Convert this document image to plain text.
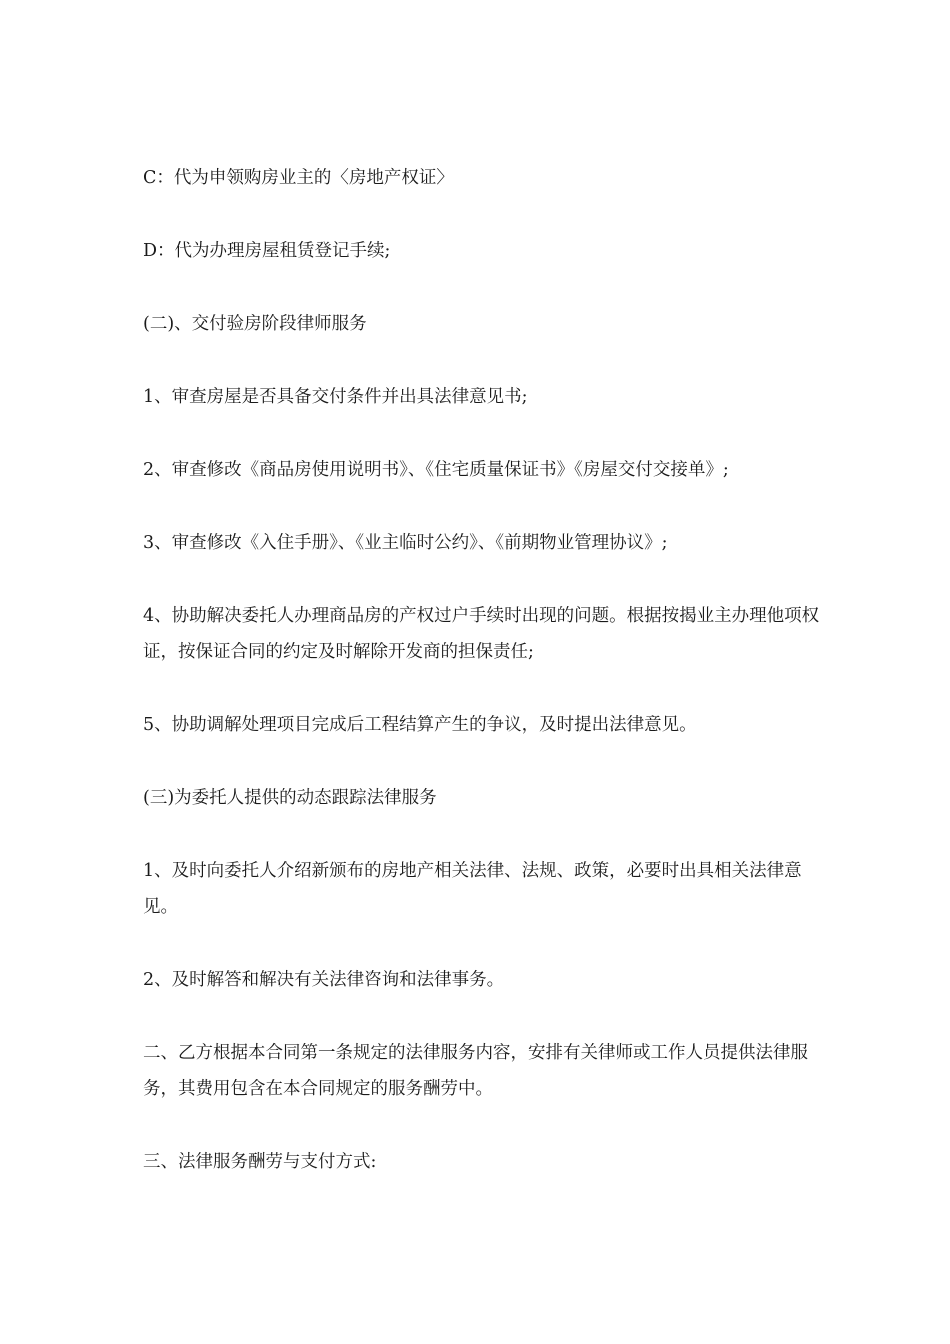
C：代为申领购房业主的〈房地产权证〉

D：代为办理房屋租赁登记手续;

(二)、交付验房阶段律师服务

1、审查房屋是否具备交付条件并出具法律意见书;

2、审查修改《商品房使用说明书》、《住宅质量保证书》《房屋交付交接单》;

3、审查修改《入住手册》、《业主临时公约》、《前期物业管理协议》;

4、协助解决委托人办理商品房的产权过户手续时出现的问题。根据按揭业主办理他项权证，按保证合同的约定及时解除开发商的担保责任;

5、协助调解处理项目完成后工程结算产生的争议，及时提出法律意见。

(三)为委托人提供的动态跟踪法律服务

1、及时向委托人介绍新颁布的房地产相关法律、法规、政策，必要时出具相关法律意见。

2、及时解答和解决有关法律咨询和法律事务。

二、乙方根据本合同第一条规定的法律服务内容，安排有关律师或工作人员提供法律服务，其费用包含在本合同规定的服务酬劳中。

三、法律服务酬劳与支付方式:
